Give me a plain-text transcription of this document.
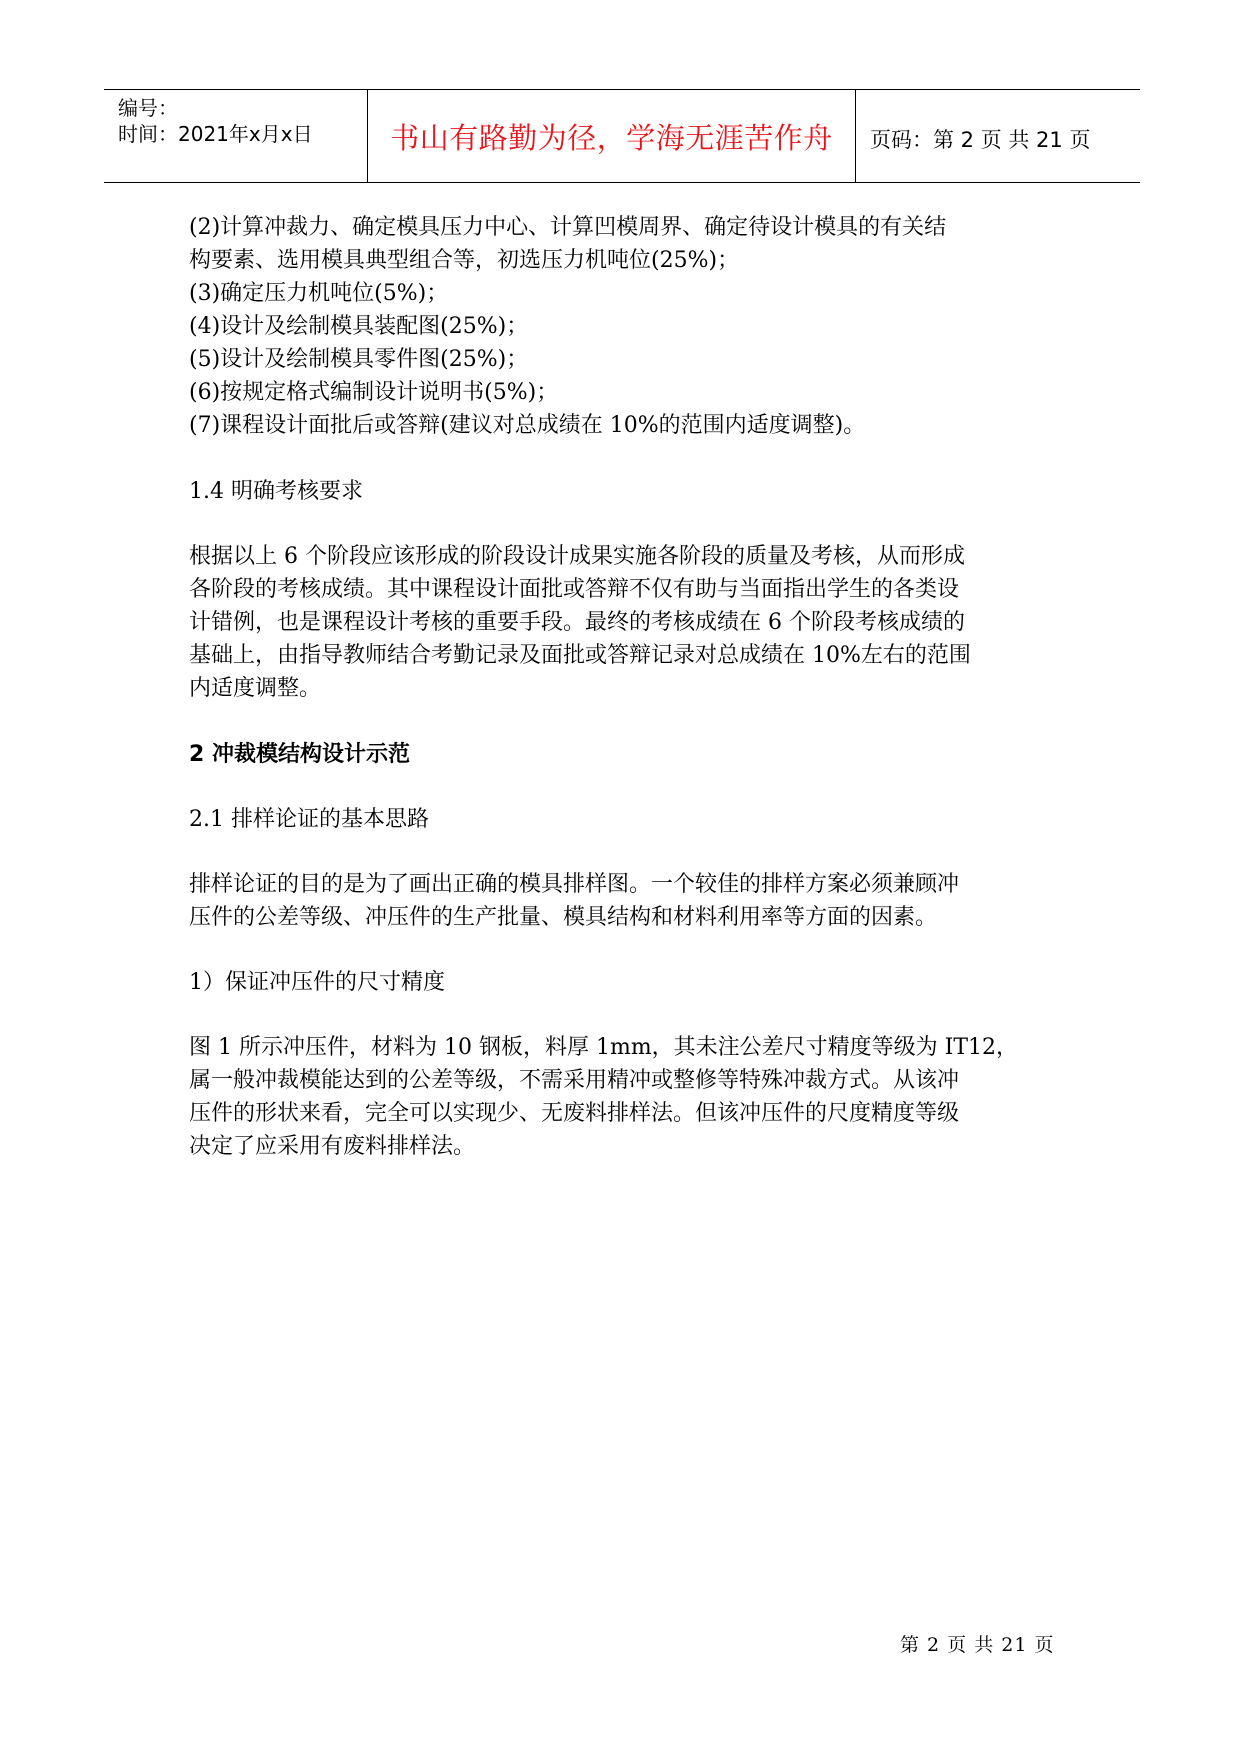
编号：
时间：2021年x月x日	书山有路勤为径，学海无涯苦作舟	页码：第 2 页 共 21 页
(2)计算冲裁力、确定模具压力中心、计算凹模周界、确定待设计模具的有关结
构要素、选用模具典型组合等，初选压力机吨位(25%)；
(3)确定压力机吨位(5%)；
(4)设计及绘制模具装配图(25%)；
(5)设计及绘制模具零件图(25%)；
(6)按规定格式编制设计说明书(5%)；
(7)课程设计面批后或答辩(建议对总成绩在 10%的范围内适度调整)。
1.4 明确考核要求
根据以上 6 个阶段应该形成的阶段设计成果实施各阶段的质量及考核，从而形成
各阶段的考核成绩。其中课程设计面批或答辩不仅有助与当面指出学生的各类设
计错例，也是课程设计考核的重要手段。最终的考核成绩在 6 个阶段考核成绩的
基础上，由指导教师结合考勤记录及面批或答辩记录对总成绩在 10%左右的范围
内适度调整。
2 冲裁模结构设计示范
2.1 排样论证的基本思路
排样论证的目的是为了画出正确的模具排样图。一个较佳的排样方案必须兼顾冲
压件的公差等级、冲压件的生产批量、模具结构和材料利用率等方面的因素。
1）保证冲压件的尺寸精度
图 1 所示冲压件，材料为 10 钢板，料厚 1mm，其未注公差尺寸精度等级为 IT12，
属一般冲裁模能达到的公差等级，不需采用精冲或整修等特殊冲裁方式。从该冲
压件的形状来看，完全可以实现少、无废料排样法。但该冲压件的尺度精度等级
决定了应采用有废料排样法。
第 2 页 共 21 页
